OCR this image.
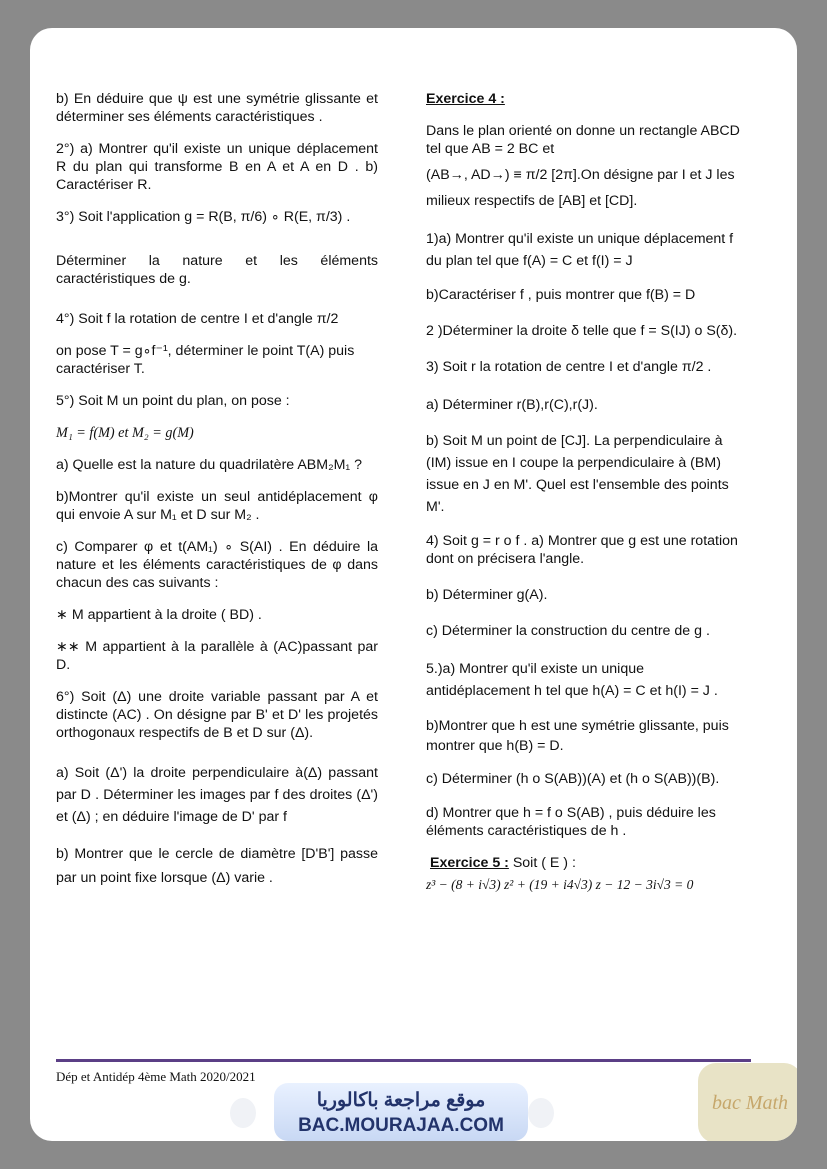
b) En déduire que ψ est une symétrie glissante et déterminer ses éléments caractéristiques .

2°) a) Montrer qu'il existe un unique déplacement R du plan qui transforme B en A et A en D . b) Caractériser R.

3°) Soit l'application g = R(B, π/6) ∘ R(E, π/3) .

Déterminer la nature et les éléments caractéristiques de g.

4°) Soit f la rotation de centre I et d'angle π/2

on pose T = g∘f⁻¹, déterminer le point T(A) puis caractériser T.

5°) Soit M un point du plan, on pose :

M₁ = f(M) et M₂ = g(M)

a) Quelle est la nature du quadrilatère ABM₂M₁ ?

b)Montrer qu'il existe un seul antidéplacement φ qui envoie A sur M₁ et D sur M₂ .

c) Comparer φ et t(AM₁) ∘ S(AI) . En déduire la nature et les éléments caractéristiques de φ dans chacun des cas suivants :

∗ M appartient à la droite ( BD) .

∗∗ M appartient à la parallèle à (AC)passant par D.

6°) Soit (Δ) une droite variable passant par A et distincte (AC) . On désigne par B' et D' les projetés orthogonaux respectifs de B et D sur (Δ).

a) Soit (Δ') la droite perpendiculaire à(Δ) passant par D . Déterminer les images par f des droites (Δ') et (Δ) ; en déduire l'image de D' par f

b) Montrer que le cercle de diamètre [D'B'] passe par un point fixe lorsque (Δ) varie .

Exercice 4 :

Dans le plan orienté on donne un rectangle ABCD tel que AB = 2 BC et

(AB→, AD→) ≡ π/2 [2π].On désigne par I et J les

milieux respectifs de [AB] et [CD].

1)a) Montrer qu'il existe un unique déplacement f du plan tel que f(A) = C et f(I) = J

b)Caractériser f , puis montrer que f(B) = D

2 )Déterminer la droite δ telle que f = S(IJ) o S(δ).

3) Soit r la rotation de centre I et d'angle π/2 .

a) Déterminer r(B),r(C),r(J).

b) Soit M un point de [CJ]. La perpendiculaire à (IM) issue en I coupe la perpendiculaire à (BM) issue en J en M'. Quel est l'ensemble des points M'.

4) Soit g = r o f . a) Montrer que g est une rotation dont on précisera l'angle.

b) Déterminer g(A).

c) Déterminer la construction du centre de g .

5.)a) Montrer qu'il existe un unique antidéplacement h tel que h(A) = C et h(I) = J .

b)Montrer que h est une symétrie glissante, puis montrer que h(B) = D.

c) Déterminer (h o S(AB))(A) et (h o S(AB))(B).

d) Montrer que h = f o S(AB) , puis déduire les éléments caractéristiques de h .

Exercice 5 : Soit ( E ) :

z³ − (8 + i√3) z² + (19 + i4√3) z − 12 − 3i√3 = 0

Dép et Antidép 4ème Math 2020/2021
موقع مراجعة باكالوريا
BAC.MOURAJAA.COM
bac Math
